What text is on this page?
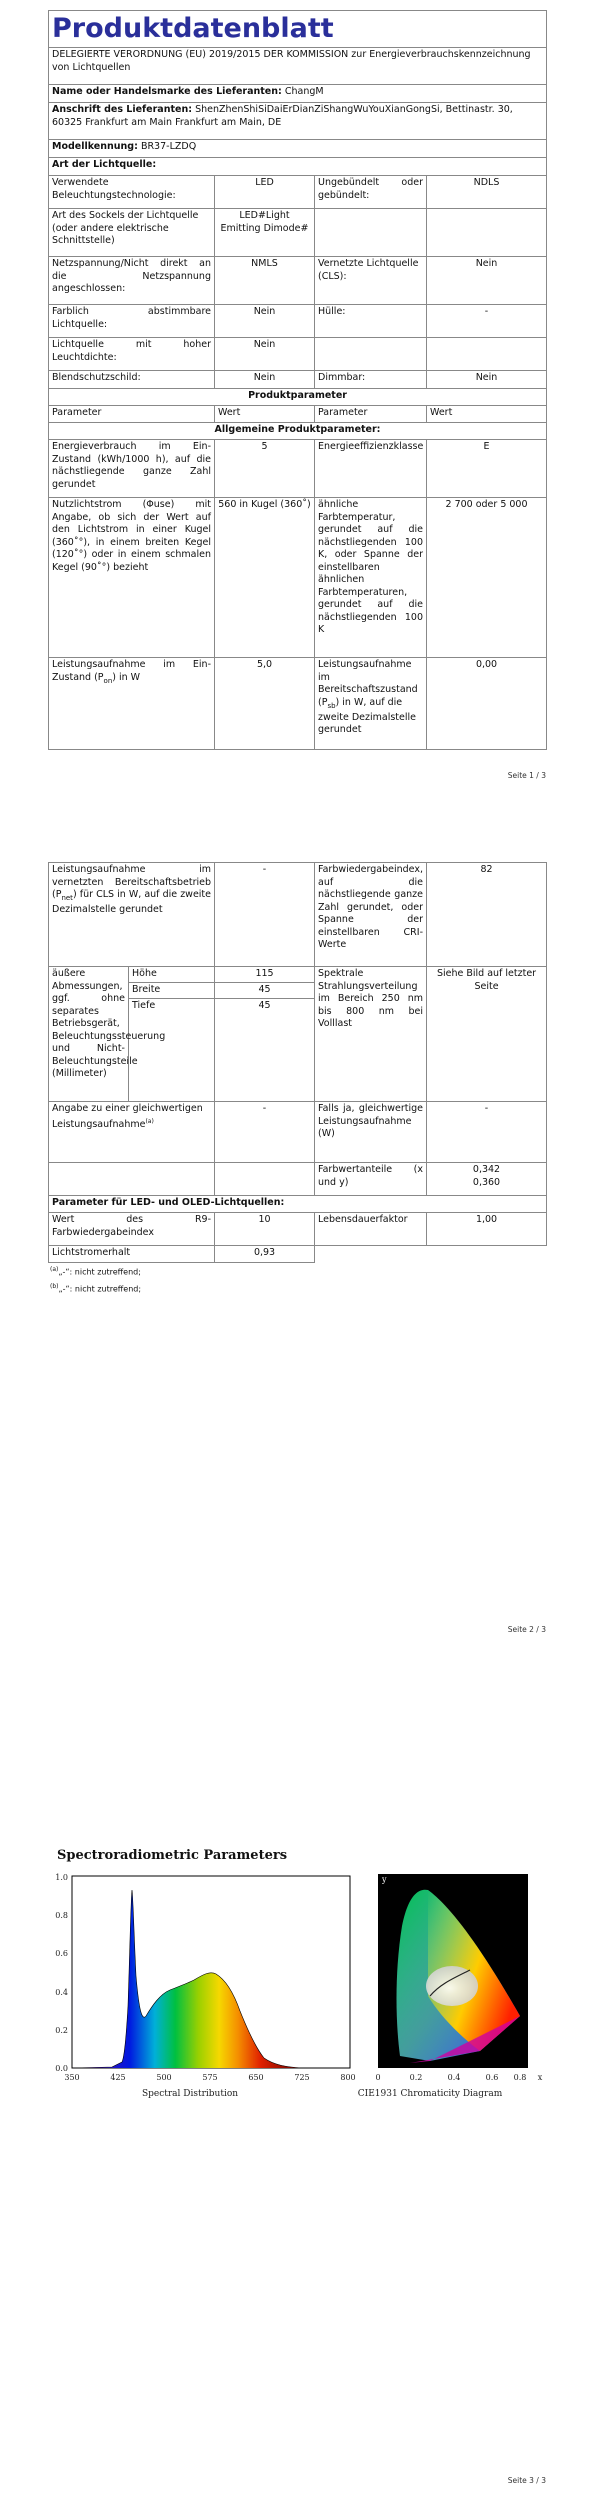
Produktdatenblatt			
DELEGIERTE VERORDNUNG (EU) 2019/2015 DER KOMMISSION zur Energieverbrauchskennzeichnung von Lichtquellen			
Name oder Handelsmarke des Lieferanten: ChangM			
Anschrift des Lieferanten: ShenZhenShiSiDaiErDianZiShangWuYouXianGongSi, Bettinastr. 30, 60325 Frankfurt am Main Frankfurt am Main, DE			
Modellkennung: BR37-LZDQ			
Art der Lichtquelle:			
Verwendete Beleuchtungstechnologie:	LED	Ungebündelt oder gebündelt:	NDLS
Art des Sockels der Lichtquelle (oder andere elektrische Schnittstelle)	LED#Light Emitting Dimode#		
Netzspannung/Nicht direkt an die Netzspannung angeschlossen:	NMLS	Vernetzte Lichtquelle (CLS):	Nein
Farblich abstimmbare Lichtquelle:	Nein	Hülle:	-
Lichtquelle mit hoher Leuchtdichte:	Nein		
Blendschutzschild:	Nein	Dimmbar:	Nein
Produktparameter			
Parameter	Wert	Parameter	Wert
Allgemeine Produktparameter:			
Energieverbrauch im Ein-Zustand (kWh/1000 h), auf die nächstliegende ganze Zahl gerundet	5	Energieeffizienzklasse	E
Nutzlichtstrom (Φuse) mit Angabe, ob sich der Wert auf den Lichtstrom in einer Kugel (360˚°), in einem breiten Kegel (120˚°) oder in einem schmalen Kegel (90˚°) bezieht	560 in Kugel (360˚)	ähnliche Farbtemperatur, gerundet auf die nächstliegenden 100 K, oder Spanne der einstellbaren ähnlichen Farbtemperaturen, gerundet auf die nächstliegenden 100 K	2 700 oder 5 000
Leistungsaufnahme im Ein-Zustand $(P_{on})$ in W	5,0	Leistungsaufnahme im Bereitschaftszustand $(P_{sb})$ in W, auf die zweite Dezimalstelle gerundet	0,00
Seite 1 / 3
Leistungsaufnahme im vernetzten Bereitschaftsbetrieb $(P_{net})$ für CLS in W, auf die zweite Dezimalstelle gerundet		-	Farbwiedergabeindex, auf die nächstliegende ganze Zahl gerundet, oder Spanne der einstellbaren CRI-Werte	82
äußere Abmessungen, ggf. ohne separates Betriebsgerät, Beleuchtungssteuerung und Nicht-Beleuchtungsteile (Millimeter)	Höhe	115	Spektrale Strahlungsverteilung im Bereich 250 nm bis 800 nm bei Volllast	Siehe Bild auf letzter Seite
	Breite	45		
	Tiefe	45		

Angabe zu einer gleichwertigen Leistungsaufnahme$^{(a)}$		-	Falls ja, gleichwertige Leistungsaufnahme (W)	-
			Farbwertanteile (x und y)	0,342
0,360

Parameter für LED- und OLED-Lichtquellen:				
Wert des R9-Farbwiedergabeindex		10	Lebensdauerfaktor	1,00
Lichtstromerhalt		0,93		
$^{(a)}$„-“: nicht zutreffend;
$^{(b)}$„-“: nicht zutreffend;
Seite 2 / 3
Spectroradiometric Parameters
350	425	500	575	650	725	800
0.0
0.2
0.4
0.6
0.8
1.0
Spectral Distribution
0.8
0.6
0.4
0.2
0
y
0	0.2	0.4	0.6 0.8 x
CIE1931 Chromaticity Diagram
Seite 3 / 3
